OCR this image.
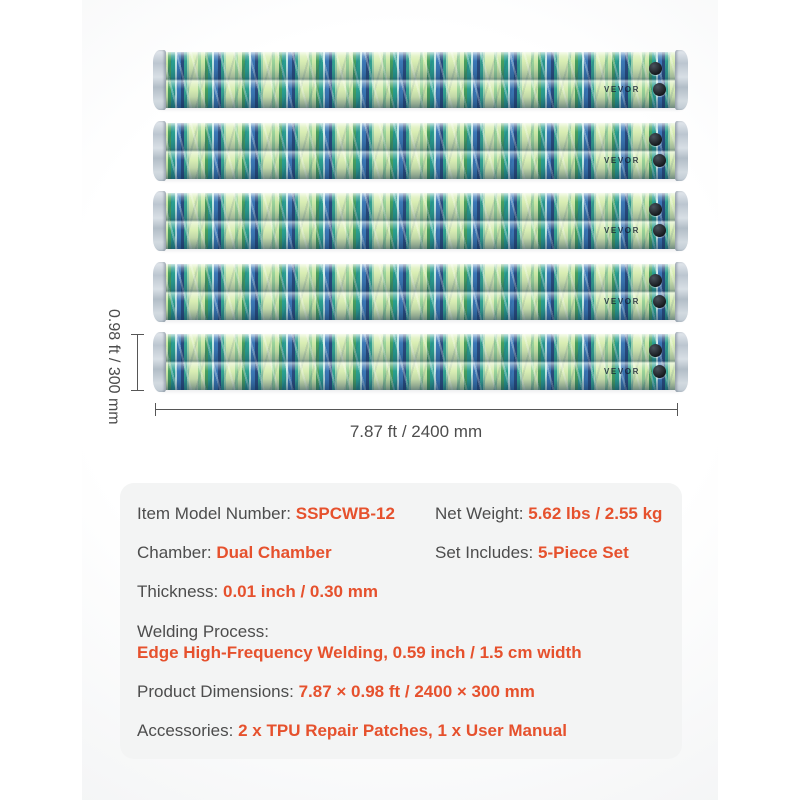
VEVOR
VEVOR
VEVOR
VEVOR
VEVOR
0.98 ft / 300 mm
7.87 ft / 2400 mm
Item Model Number: SSPCWB-12	Net Weight: 5.62 lbs / 2.55 kg
Chamber: Dual Chamber	Set Includes: 5-Piece Set
Thickness: 0.01 inch / 0.30 mm
Welding Process:
Edge High-Frequency Welding, 0.59 inch / 1.5 cm width
Product Dimensions: 7.87 × 0.98 ft / 2400 × 300 mm
Accessories: 2 x TPU Repair Patches, 1 x User Manual
